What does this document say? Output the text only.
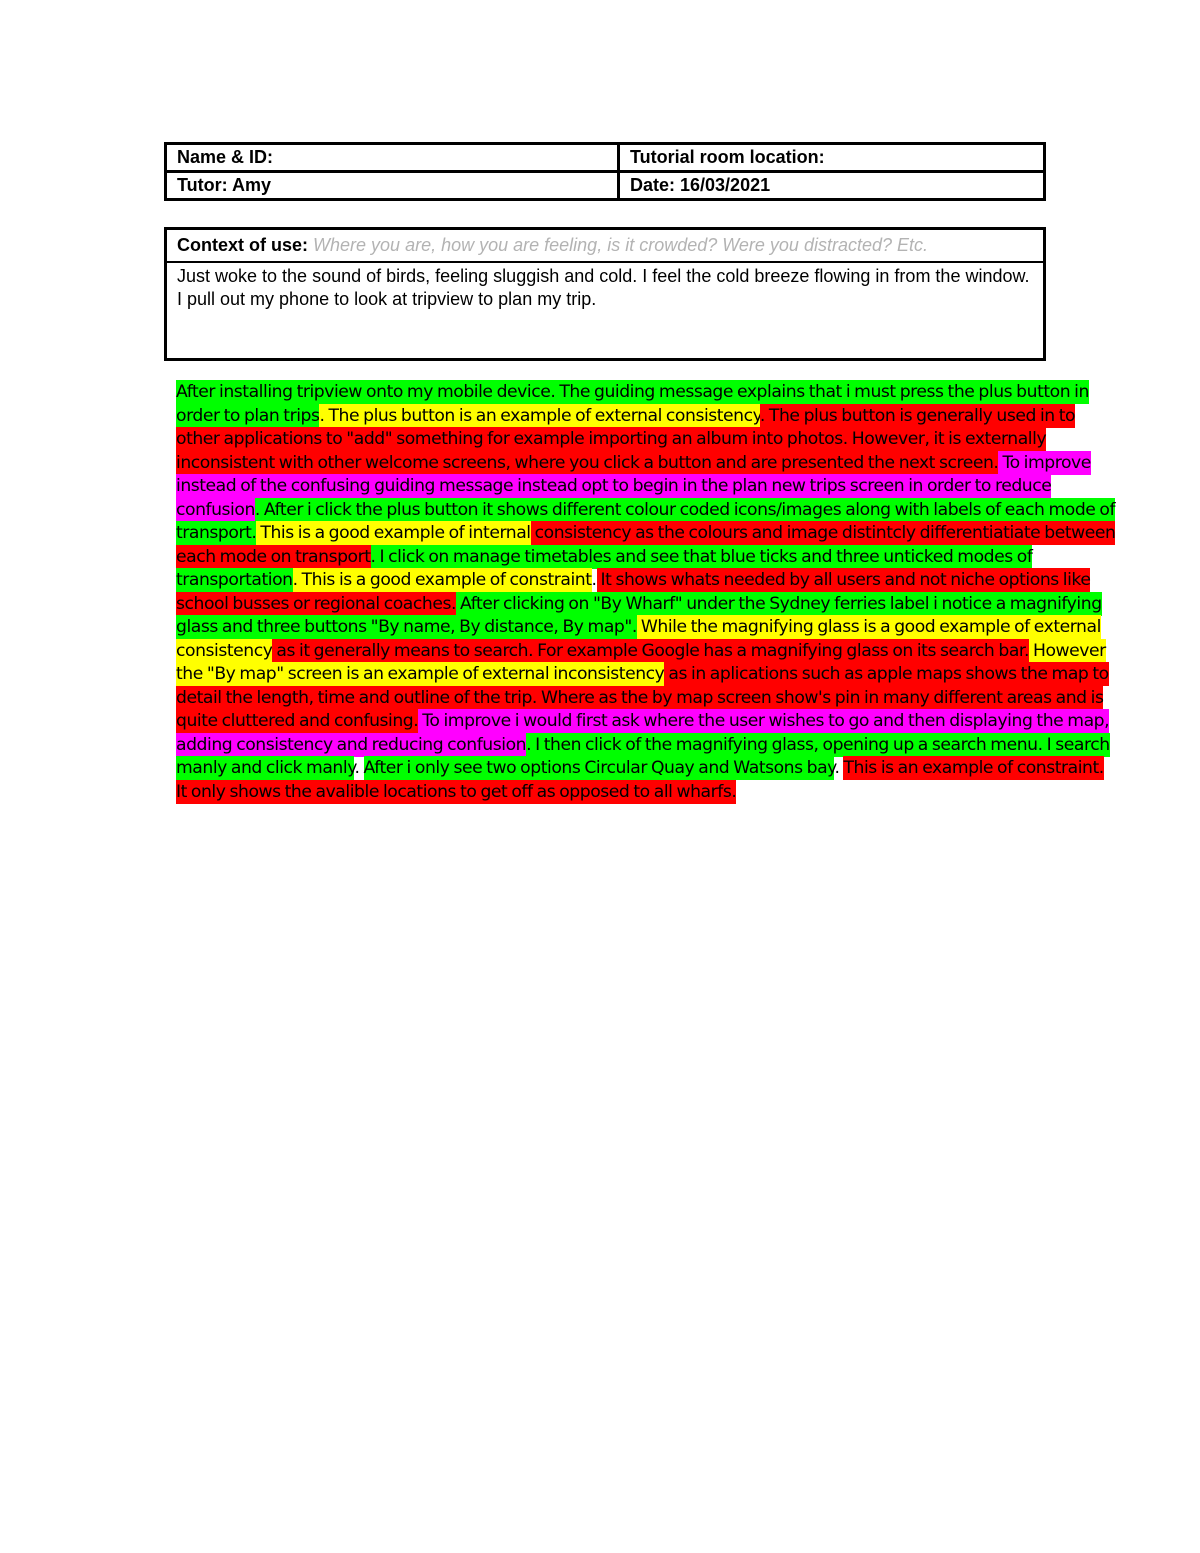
Name & ID:	Tutorial room location:
Tutor: Amy	Date: 16/03/2021
Context of use: Where you are, how you are feeling, is it crowded? Were you distracted? Etc.
Just woke to the sound of birds, feeling sluggish and cold. I feel the cold breeze flowing in from the window. I pull out my phone to look at tripview to plan my trip.
After installing tripview onto my mobile device. The guiding message explains that i must press the plus button in order to plan trips. The plus button is an example of external consistency. The plus button is generally used in to other applications to "add" something for example importing an album into photos. However, it is externally inconsistent with other welcome screens, where you click a button and are presented the next screen. To improve instead of the confusing guiding message instead opt to begin in the plan new trips screen in order to reduce confusion. After i click the plus button it shows different colour coded icons/images along with labels of each mode of transport. This is a good example of internal consistency as the colours and image distintcly differentiatiate between each mode on transport. I click on manage timetables and see that blue ticks and three unticked modes of transportation. This is a good example of constraint. It shows whats needed by all users and not niche options like school busses or regional coaches. After clicking on "By Wharf" under the Sydney ferries label i notice a magnifying glass and three buttons "By name, By distance, By map". While the magnifying glass is a good example of external consistency as it generally means to search. For example Google has a magnifying glass on its search bar. However the "By map" screen is an example of external inconsistency as in aplications such as apple maps shows the map to detail the length, time and outline of the trip. Where as the by map screen show's pin in many different areas and is quite cluttered and confusing. To improve i would first ask where the user wishes to go and then displaying the map, adding consistency and reducing confusion. I then click of the magnifying glass, opening up a search menu. I search manly and click manly. After i only see two options Circular Quay and Watsons bay. This is an example of constraint. It only shows the avalible locations to get off as opposed to all wharfs.
